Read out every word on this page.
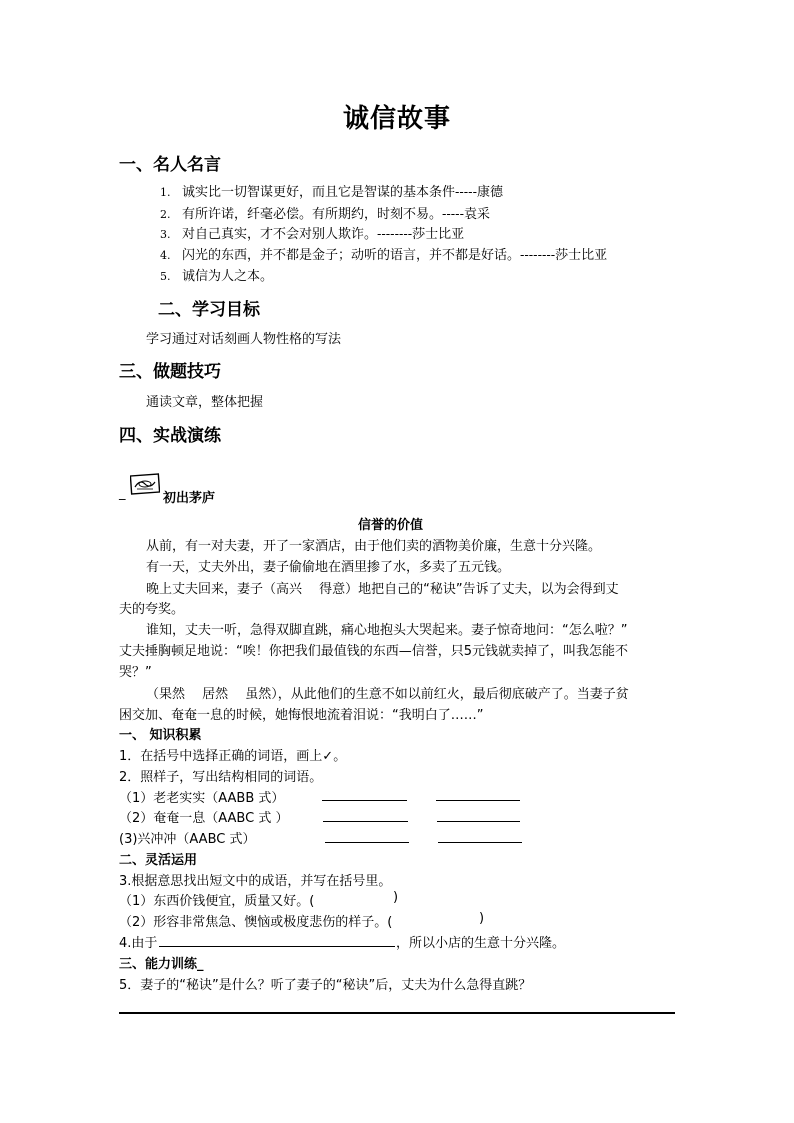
诚信故事
一、名人名言
1. 诚实比一切智谋更好，而且它是智谋的基本条件-----康德
2. 有所许诺，纤毫必偿。有所期约，时刻不易。-----袁采
3. 对自己真实，才不会对别人欺诈。--------莎士比亚
4. 闪光的东西，并不都是金子；动听的语言，并不都是好话。--------莎士比亚
5. 诚信为人之本。
二、学习目标
学习通过对话刻画人物性格的写法
三、做题技巧
通读文章，整体把握
四、实战演练
_	初出茅庐
信誉的价值
从前，有一对夫妻，开了一家酒店，由于他们卖的酒物美价廉，生意十分兴隆。
有一天，丈夫外出，妻子偷偷地在酒里掺了水，多卖了五元钱。
晚上丈夫回来，妻子（高兴　 得意）地把自己的“秘诀”告诉了丈夫，以为会得到丈
夫的夸奖。
谁知，丈夫一听，急得双脚直跳，痛心地抱头大哭起来。妻子惊奇地问：“怎么啦？”
丈夫捶胸顿足地说：“唉！你把我们最值钱的东西—信誉，只5元钱就卖掉了，叫我怎能不
哭？”
（果然　 居然　 虽然），从此他们的生意不如以前红火，最后彻底破产了。当妻子贫
困交加、奄奄一息的时候，她悔恨地流着泪说：“我明白了……”
一、 知识积累
1．在括号中选择正确的词语，画上✓。
2．照样子，写出结构相同的词语。
（1）老老实实（AABB 式）
（2）奄奄一息（AABC 式 ）
(3)兴冲冲（AABC 式）
二、灵活运用
3.根据意思找出短文中的成语，并写在括号里。
（1）东西价钱便宜，质量又好。(	)
（2）形容非常焦急、懊恼或极度悲伤的样子。(	)
4.由于	，所以小店的生意十分兴隆。
三、能力训练_
5．妻子的“秘诀”是什么？听了妻子的“秘诀”后，丈夫为什么急得直跳？
